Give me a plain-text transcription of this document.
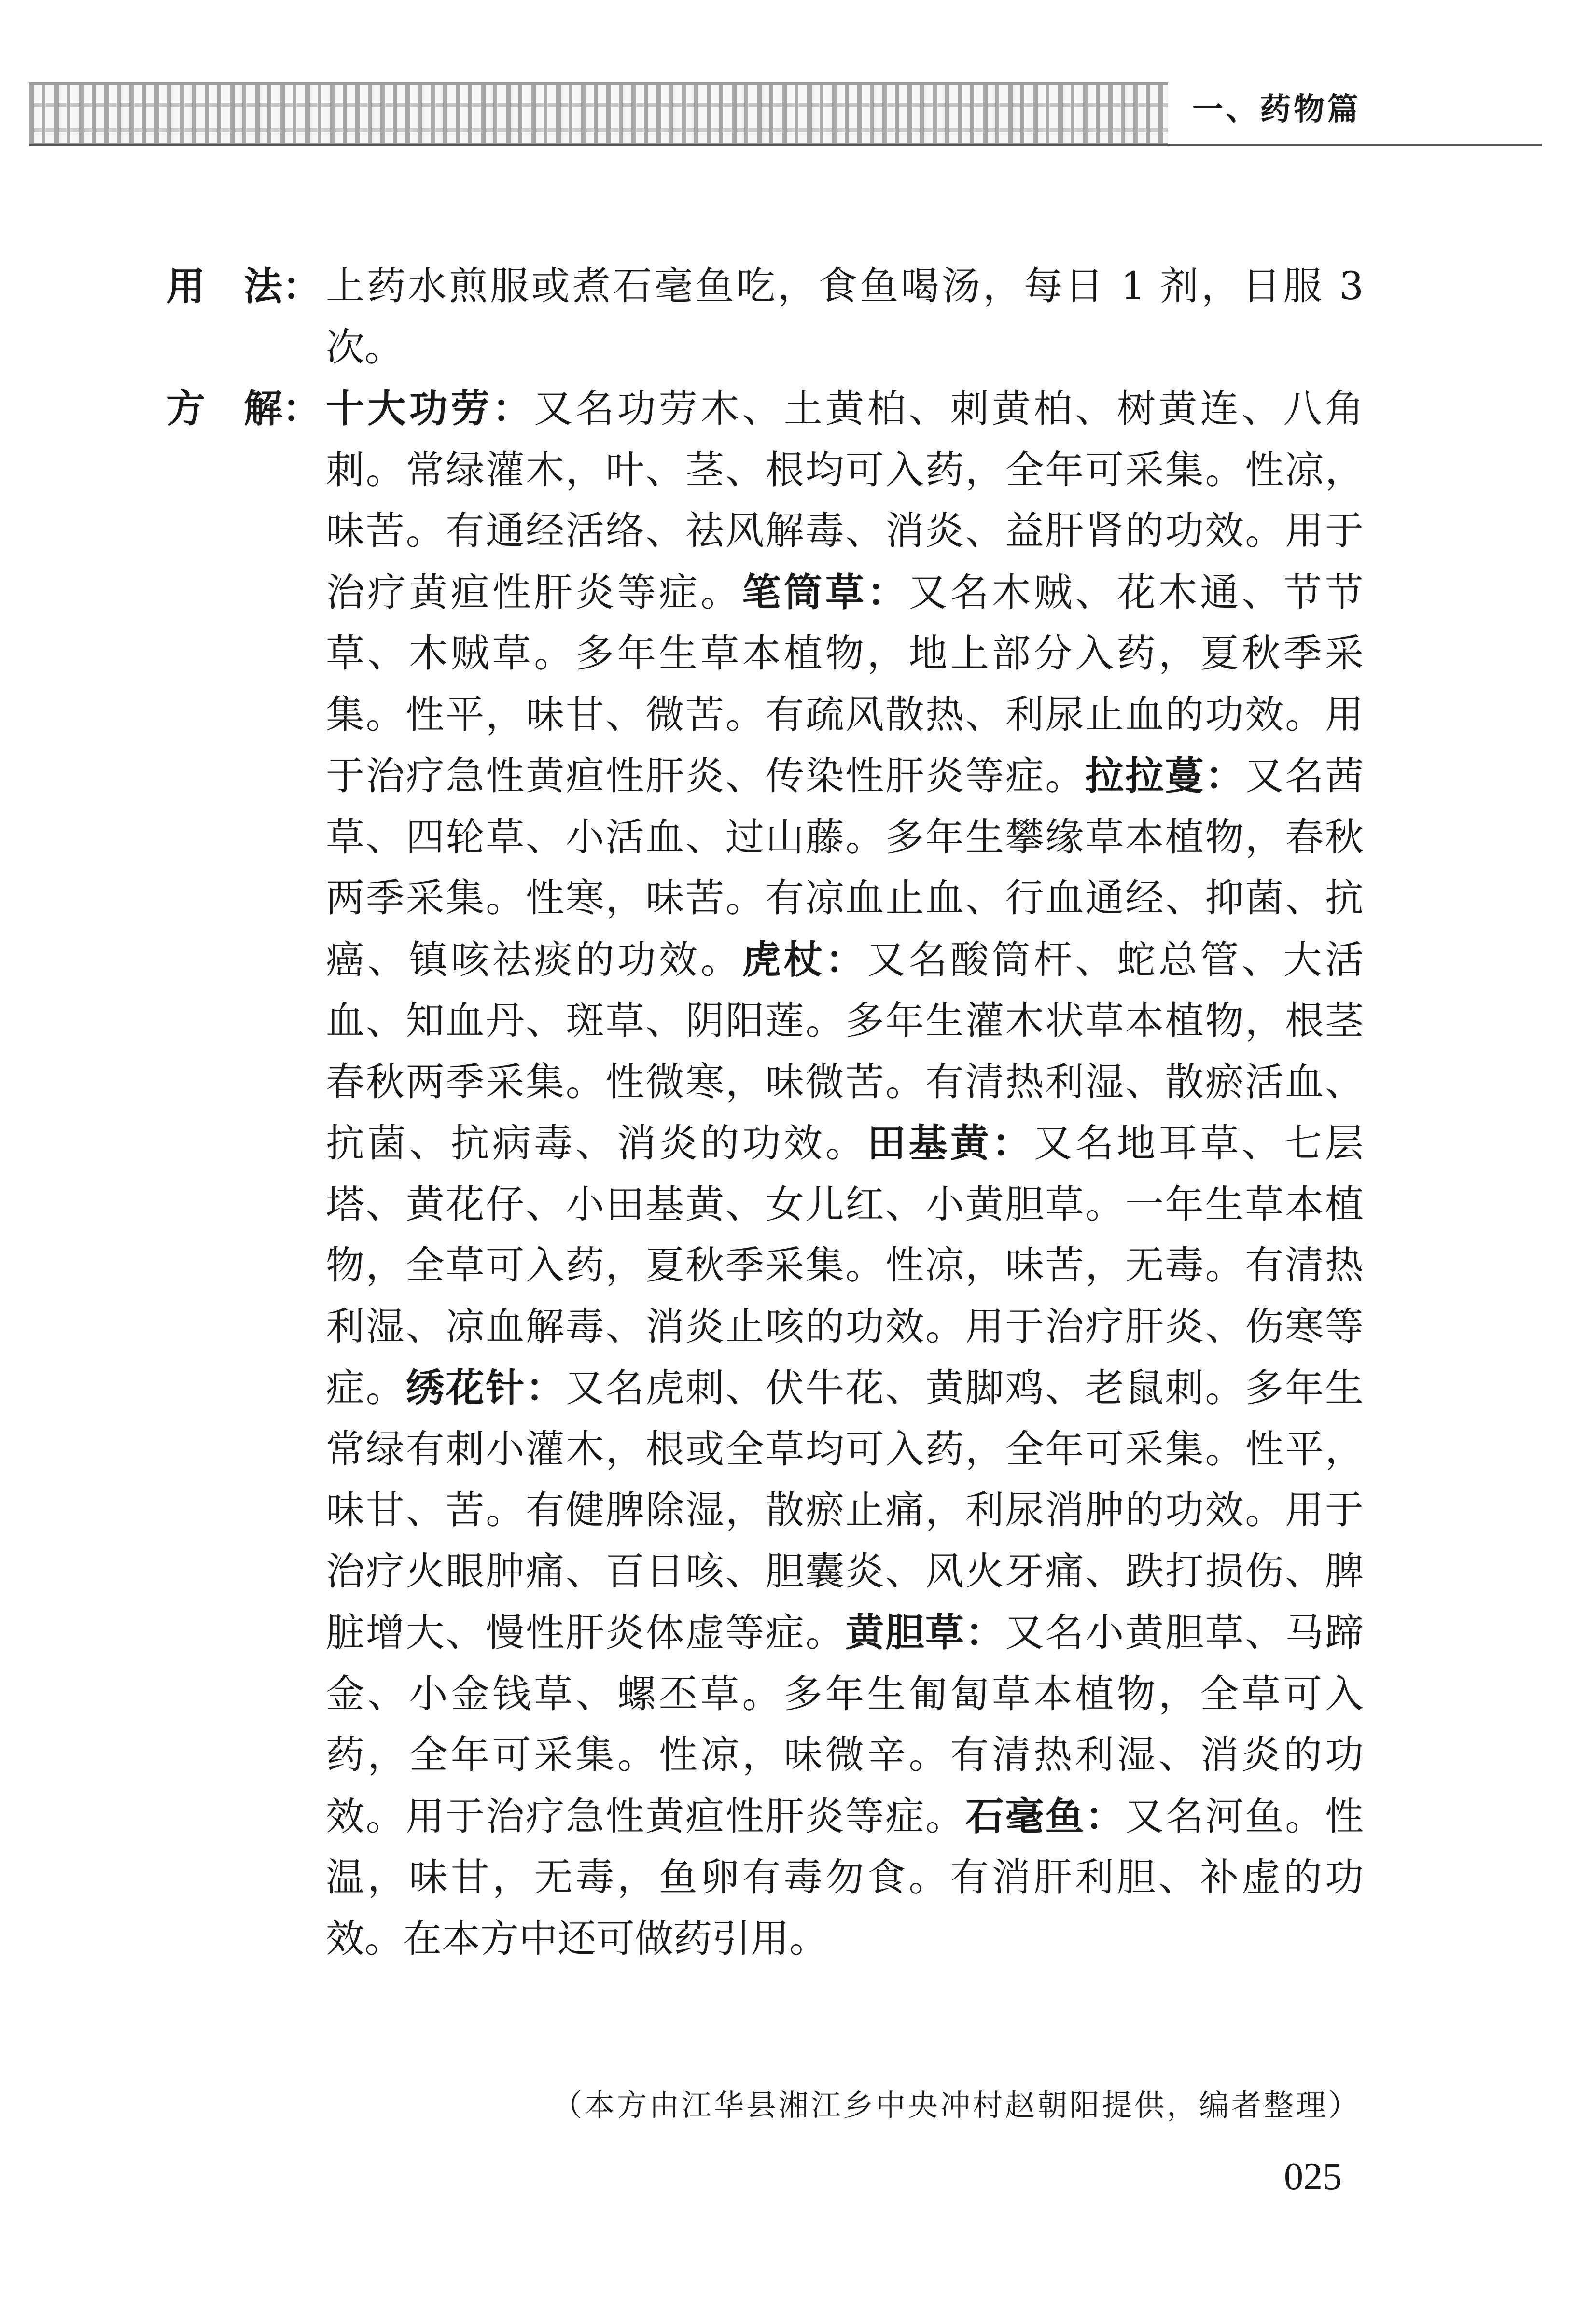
一、药物篇
用　法： 上药水煎服或煮石毫鱼吃，食鱼喝汤，每日 1 剂，日服 3 次。
方　解： 十大功劳：又名功劳木、土黄柏、刺黄柏、树黄连、八角刺。常绿灌木，叶、茎、根均可入药，全年可采集。性凉，味苦。有通经活络、祛风解毒、消炎、益肝肾的功效。用于治疗黄疸性肝炎等症。笔筒草：又名木贼、花木通、节节草、木贼草。多年生草本植物，地上部分入药，夏秋季采集。性平，味甘、微苦。有疏风散热、利尿止血的功效。用于治疗急性黄疸性肝炎、传染性肝炎等症。拉拉蔓：又名茜草、四轮草、小活血、过山藤。多年生攀缘草本植物，春秋两季采集。性寒，味苦。有凉血止血、行血通经、抑菌、抗癌、镇咳祛痰的功效。虎杖：又名酸筒杆、蛇总管、大活血、知血丹、斑草、阴阳莲。多年生灌木状草本植物，根茎春秋两季采集。性微寒，味微苦。有清热利湿、散瘀活血、抗菌、抗病毒、消炎的功效。田基黄：又名地耳草、七层塔、黄花仔、小田基黄、女儿红、小黄胆草。一年生草本植物，全草可入药，夏秋季采集。性凉，味苦，无毒。有清热利湿、凉血解毒、消炎止咳的功效。用于治疗肝炎、伤寒等症。绣花针：又名虎刺、伏牛花、黄脚鸡、老鼠刺。多年生常绿有刺小灌木，根或全草均可入药，全年可采集。性平，味甘、苦。有健脾除湿，散瘀止痛，利尿消肿的功效。用于治疗火眼肿痛、百日咳、胆囊炎、风火牙痛、跌打损伤、脾脏增大、慢性肝炎体虚等症。黄胆草：又名小黄胆草、马蹄金、小金钱草、螺丕草。多年生匍匐草本植物，全草可入药，全年可采集。性凉，味微辛。有清热利湿、消炎的功效。用于治疗急性黄疸性肝炎等症。石毫鱼：又名河鱼。性温，味甘，无毒，鱼卵有毒勿食。有消肝利胆、补虚的功效。在本方中还可做药引用。
（本方由江华县湘江乡中央冲村赵朝阳提供，编者整理）
025
